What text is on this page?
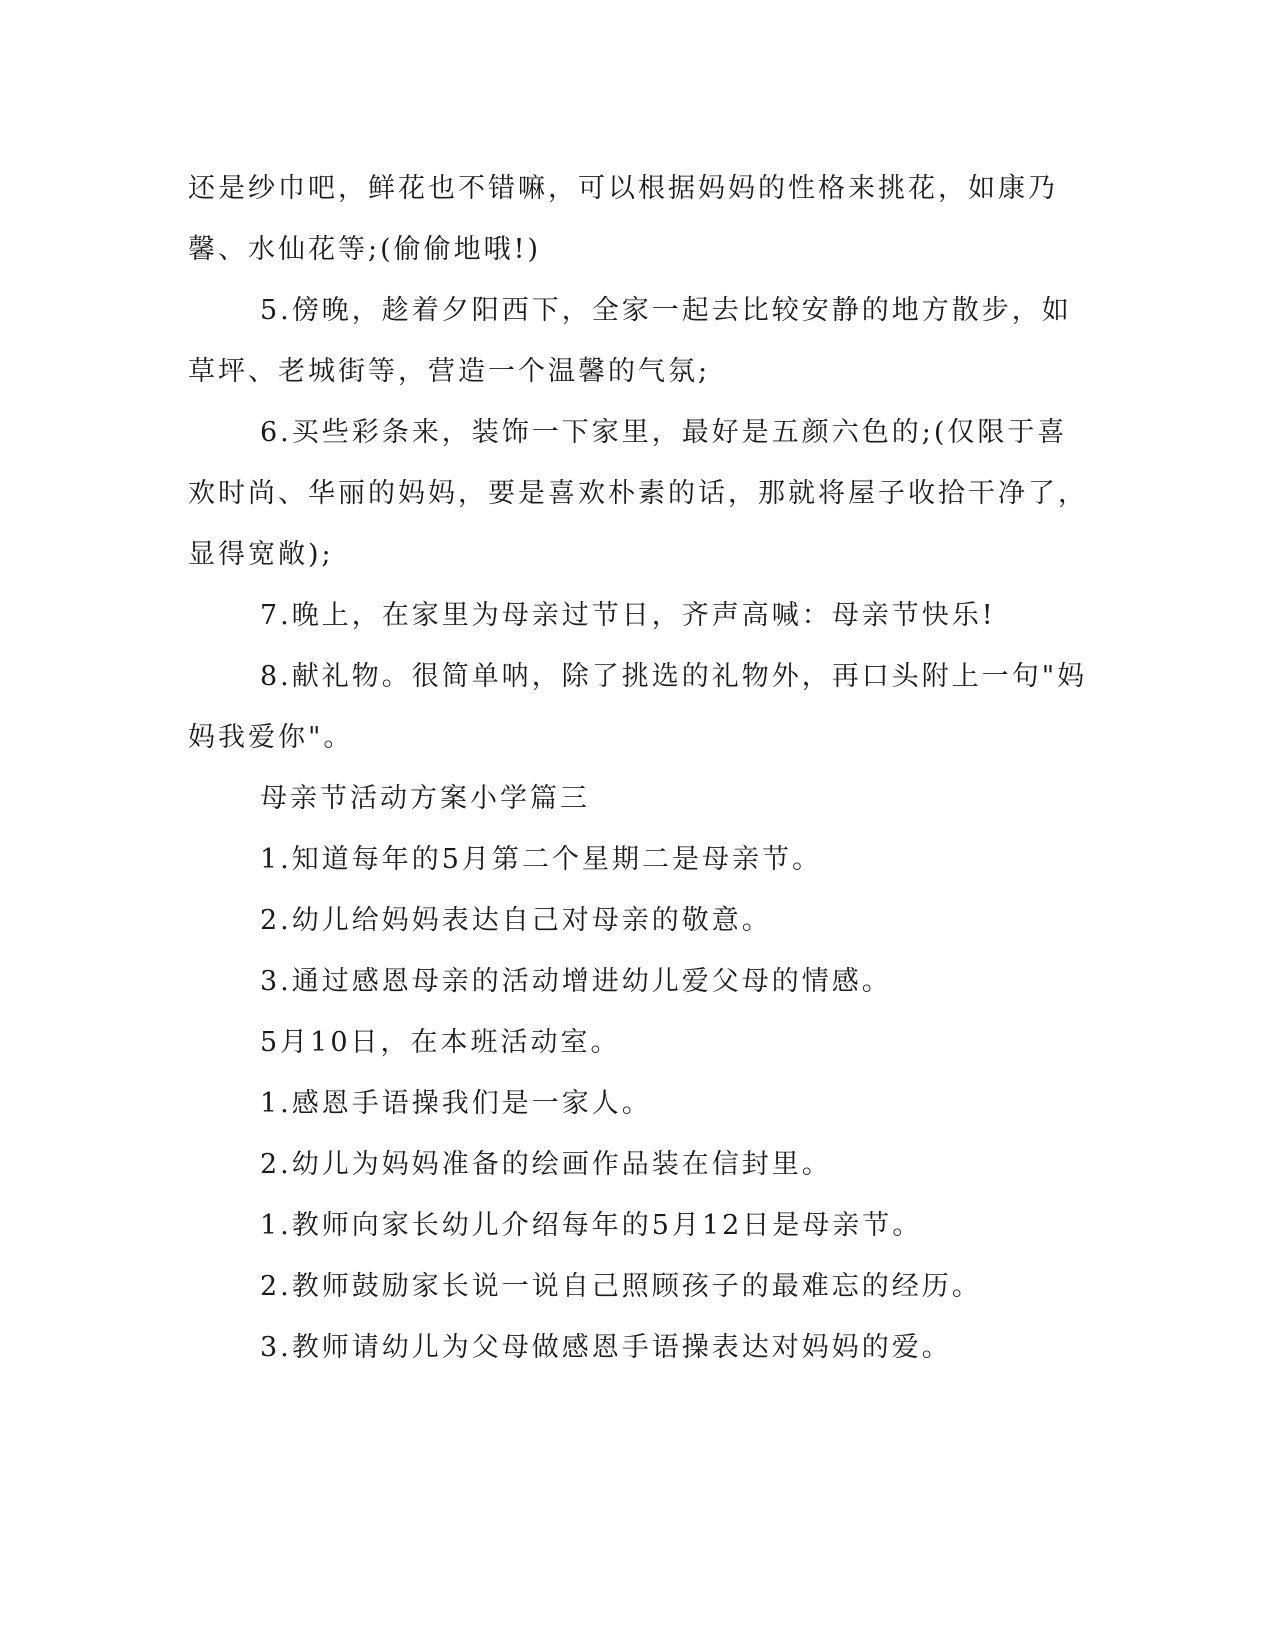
还是纱巾吧，鲜花也不错嘛，可以根据妈妈的性格来挑花，如康乃馨、水仙花等;(偷偷地哦!)

5.傍晚，趁着夕阳西下，全家一起去比较安静的地方散步，如草坪、老城街等，营造一个温馨的气氛;

6.买些彩条来，装饰一下家里，最好是五颜六色的;(仅限于喜欢时尚、华丽的妈妈，要是喜欢朴素的话，那就将屋子收拾干净了，显得宽敞);

7.晚上，在家里为母亲过节日，齐声高喊：母亲节快乐!

8.献礼物。很简单呐，除了挑选的礼物外，再口头附上一句"妈妈我爱你"。

母亲节活动方案小学篇三

1.知道每年的5月第二个星期二是母亲节。

2.幼儿给妈妈表达自己对母亲的敬意。

3.通过感恩母亲的活动增进幼儿爱父母的情感。

5月10日，在本班活动室。

1.感恩手语操我们是一家人。

2.幼儿为妈妈准备的绘画作品装在信封里。

1.教师向家长幼儿介绍每年的5月12日是母亲节。

2.教师鼓励家长说一说自己照顾孩子的最难忘的经历。

3.教师请幼儿为父母做感恩手语操表达对妈妈的爱。
